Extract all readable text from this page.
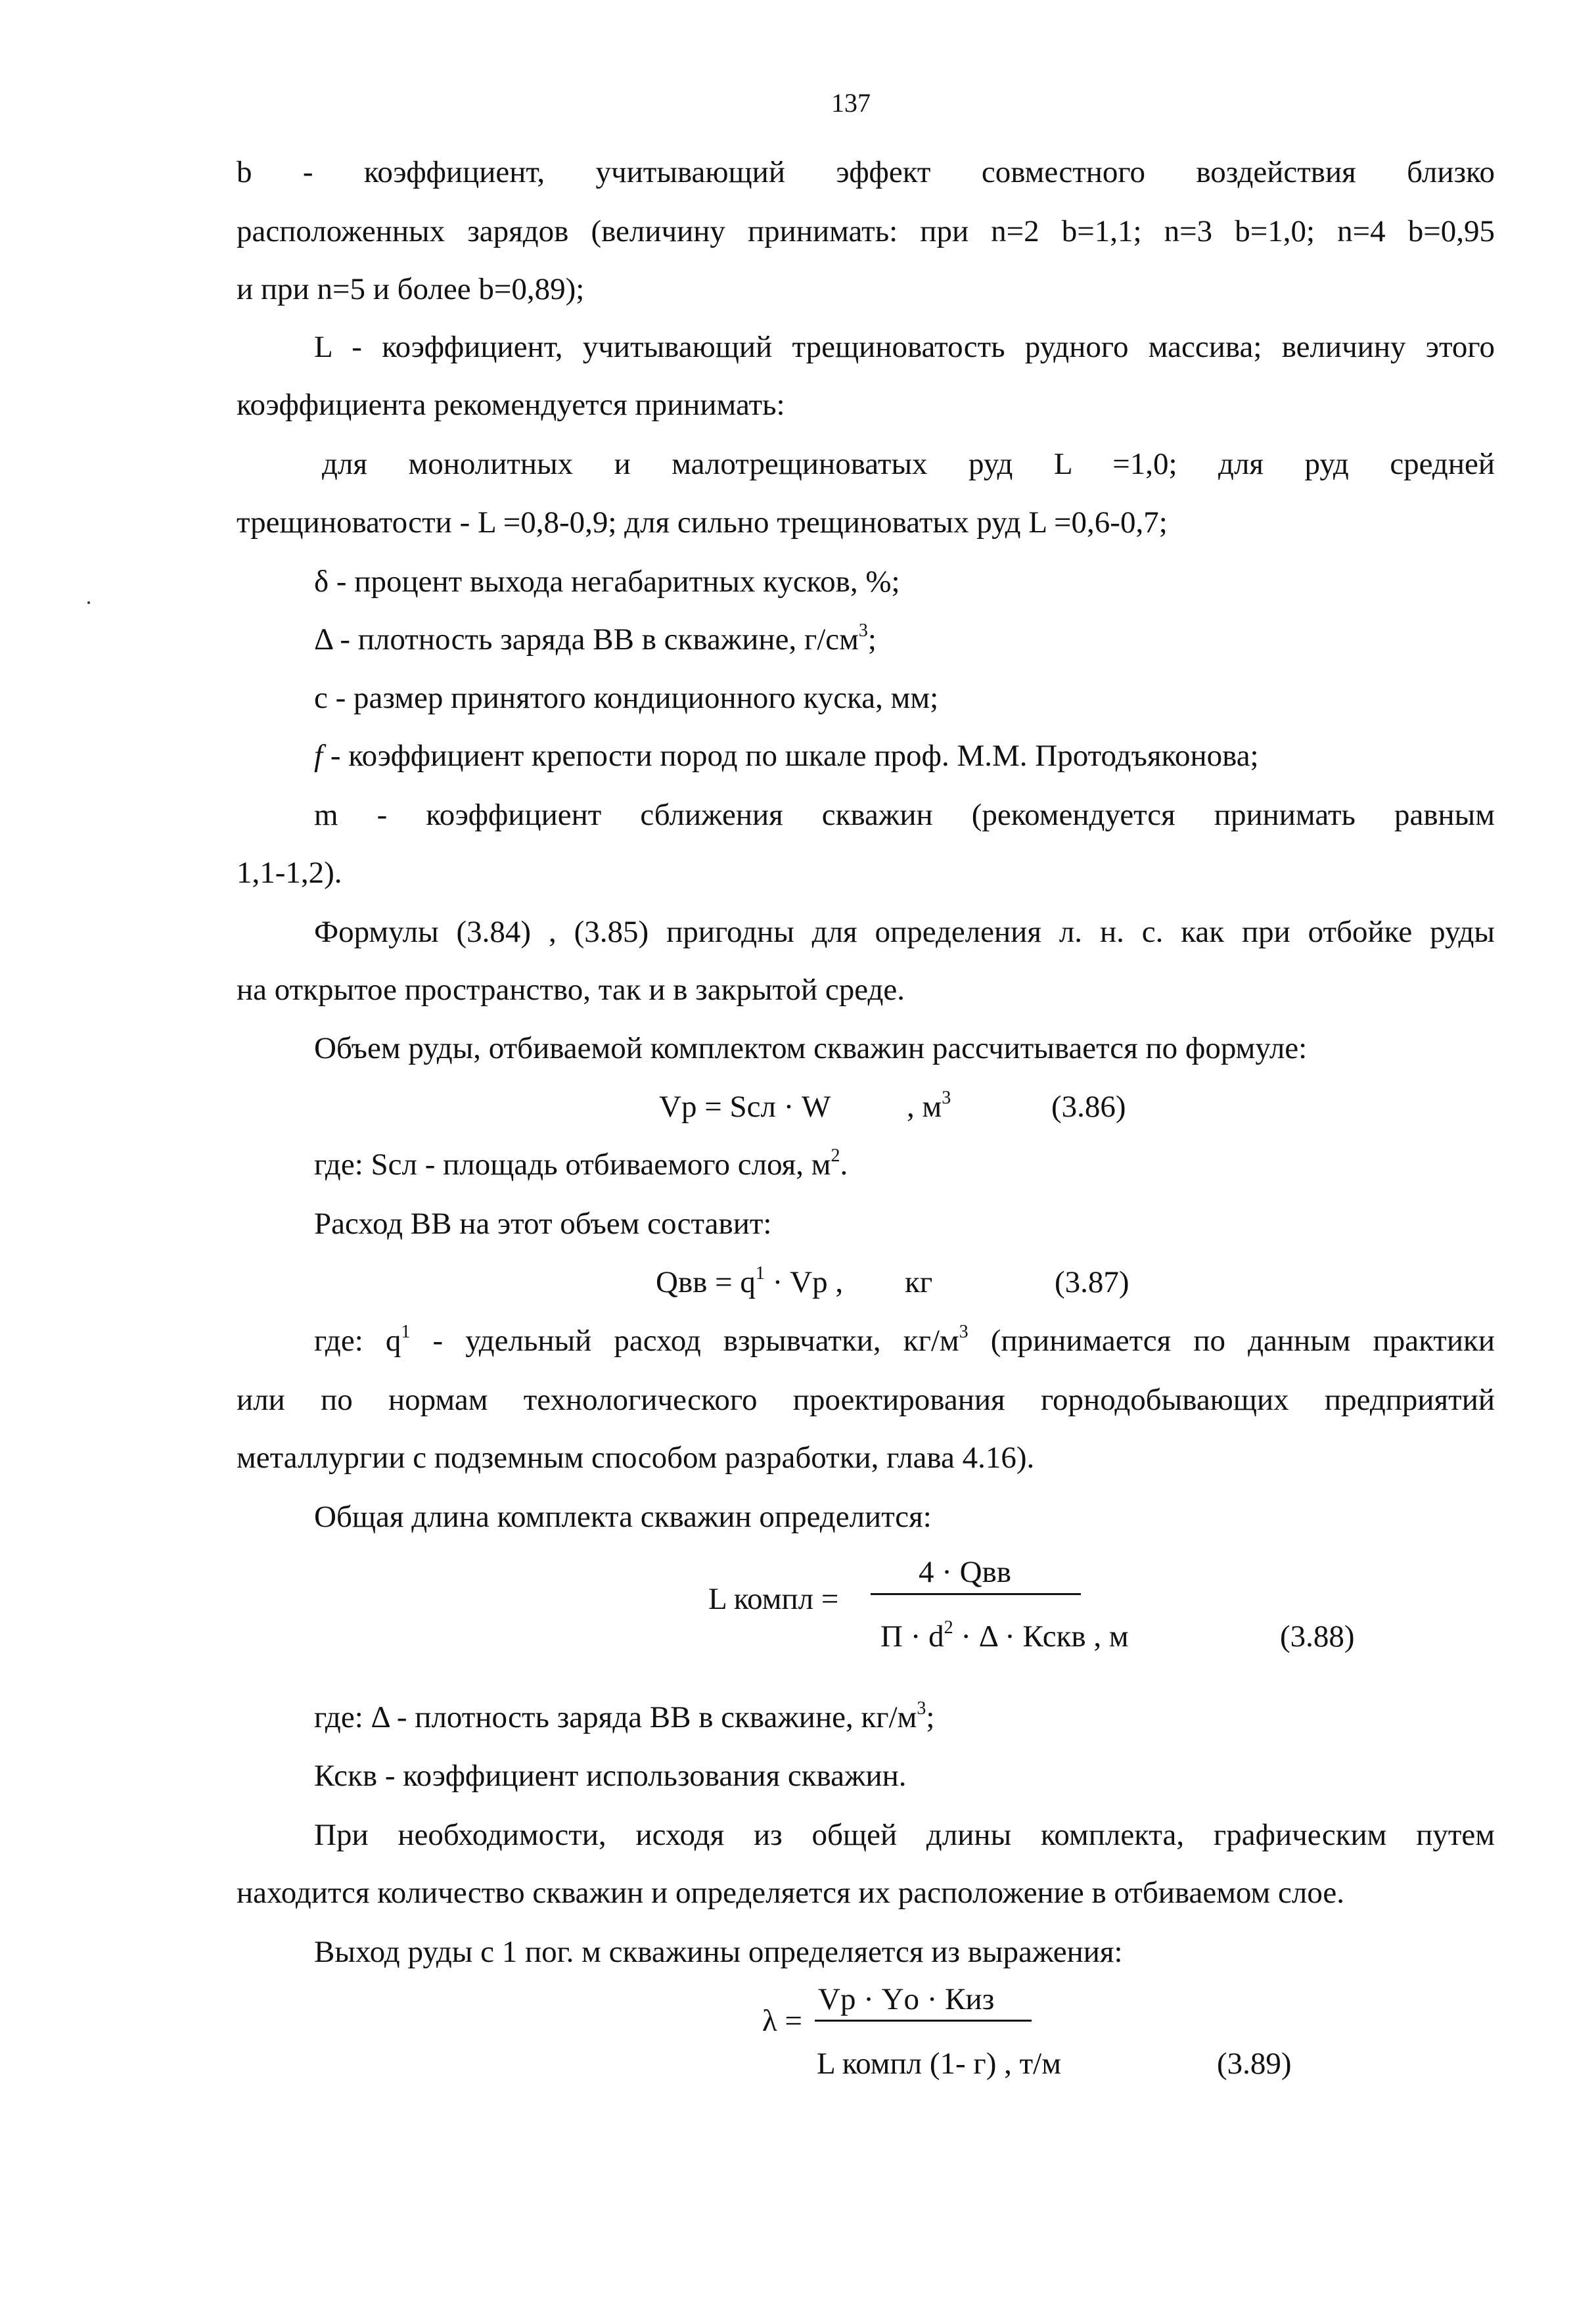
137
b - коэффициент, учитывающий эффект совместного воздействия близко
расположенных зарядов (величину принимать: при n=2 b=1,1; n=3 b=1,0; n=4 b=0,95
и при n=5 и более b=0,89);
L - коэффициент, учитывающий трещиноватость рудного массива; величину этого
коэффициента рекомендуется принимать:
для монолитных и малотрещиноватых руд L =1,0; для руд средней
трещиноватости - L =0,8-0,9; для сильно трещиноватых руд L =0,6-0,7;
δ - процент выхода негабаритных кусков, %;
Δ - плотность заряда ВВ в скважине, $г/см^3$;
с - размер принятого кондиционного куска, мм;
f - коэффициент крепости пород по шкале проф. М.М. Протодъяконова;
m - коэффициент сближения скважин (рекомендуется принимать равным
1,1-1,2).
Формулы (3.84) , (3.85) пригодны для определения л. н. с. как при отбойке руды
на открытое пространство, так и в закрытой среде.
Объем руды, отбиваемой комплектом скважин рассчитывается по формуле:
Vр = Sсл · W , $м^3$	(3.86)
где: Sсл - площадь отбиваемого слоя, $м^2$.
Расход ВВ на этот объем составит:
Qвв = $q^1$ · Vр , кг	(3.87)
где: $q^1$ - удельный расход взрывчатки, $кг/м^3$ (принимается по данным практики
или по нормам технологического проектирования горнодобывающих предприятий
металлургии с подземным способом разработки, глава 4.16).
Общая длина комплекта скважин определится:
L компл =
4 · Qвв
$П \cdot d^2 \cdot \Delta$ · Кскв , м	(3.88)
где: Δ - плотность заряда ВВ в скважине, $кг/м^3$;
Кскв - коэффициент использования скважин.
При необходимости, исходя из общей длины комплекта, графическим путем
находится количество скважин и определяется их расположение в отбиваемом слое.
Выход руды с 1 пог. м скважины определяется из выражения:
λ =
Vр · Υо · Киз
L компл (1- г) , т/м	(3.89)
